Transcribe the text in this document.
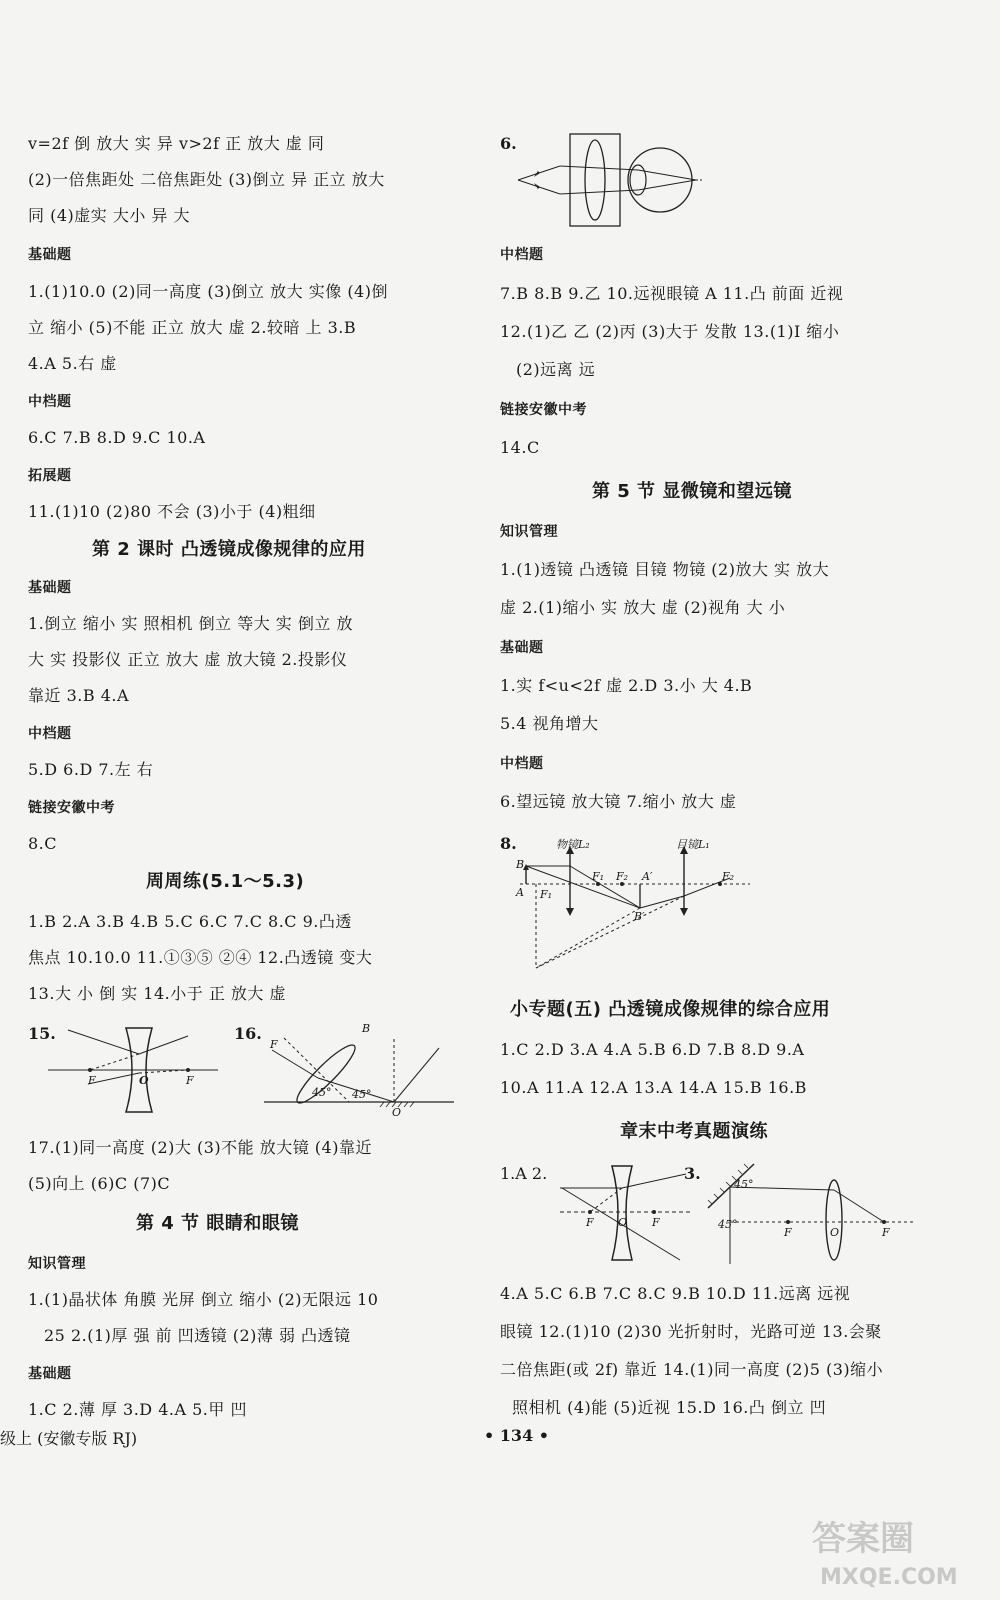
v=2f 倒 放大 实 异 v>2f 正 放大 虚 同
(2)一倍焦距处 二倍焦距处 (3)倒立 异 正立 放大
同 (4)虚实 大小 异 大
基础题
1.(1)10.0 (2)同一高度 (3)倒立 放大 实像 (4)倒
立 缩小 (5)不能 正立 放大 虚 2.较暗 上 3.B
4.A 5.右 虚
中档题
6.C 7.B 8.D 9.C 10.A
拓展题
11.(1)10 (2)80 不会 (3)小于 (4)粗细
第 2 课时 凸透镜成像规律的应用
基础题
1.倒立 缩小 实 照相机 倒立 等大 实 倒立 放
大 实 投影仪 正立 放大 虚 放大镜 2.投影仪
靠近 3.B 4.A
中档题
5.D 6.D 7.左 右
链接安徽中考
8.C
周周练(5.1～5.3)
1.B 2.A 3.B 4.B 5.C 6.C 7.C 8.C 9.凸透
焦点 10.10.0 11.①③⑤ ②④ 12.凸透镜 变大
13.大 小 倒 实 14.小于 正 放大 虚
15.
F	O	F
16.	B
F
45° 45°
O
17.(1)同一高度 (2)大 (3)不能 放大镜 (4)靠近
(5)向上 (6)C (7)C
第 4 节 眼睛和眼镜
知识管理
1.(1)晶状体 角膜 光屏 倒立 缩小 (2)无限远 10
25 2.(1)厚 强 前 凹透镜 (2)薄 弱 凸透镜
基础题
1.C 2.薄 厚 3.D 4.A 5.甲 凹
6.
中档题
7.B 8.B 9.乙 10.远视眼镜 A 11.凸 前面 近视
12.(1)乙 乙 (2)丙 (3)大于 发散 13.(1)Ⅰ 缩小
(2)远离 远
链接安徽中考
14.C
第 5 节 显微镜和望远镜
知识管理
1.(1)透镜 凸透镜 目镜 物镜 (2)放大 实 放大
虚 2.(1)缩小 实 放大 虚 (2)视角 大 小
基础题
1.实 f<u<2f 虚 2.D 3.小 大 4.B
5.4 视角增大
中档题
6.望远镜 放大镜 7.缩小 放大 虚
8.	物镜L₂	目镜L₁
B
A
F₁ F₂ A′
F₁
B′
F₂
小专题(五) 凸透镜成像规律的综合应用
1.C 2.D 3.A 4.A 5.B 6.D 7.B 8.D 9.A
10.A 11.A 12.A 13.A 14.A 15.B 16.B
章末中考真题演练
1.A 2.
F O F
3.
45°
45°
F	O	F
4.A 5.C 6.B 7.C 8.C 9.B 10.D 11.远离 远视
眼镜 12.(1)10 (2)30 光折射时，光路可逆 13.会聚
二倍焦距(或 2f) 靠近 14.(1)同一高度 (2)5 (3)缩小
照相机 (4)能 (5)近视 15.D 16.凸 倒立 凹
级上 (安徽专版 RJ)	• 134 •
答案圈
MXQE.COM
